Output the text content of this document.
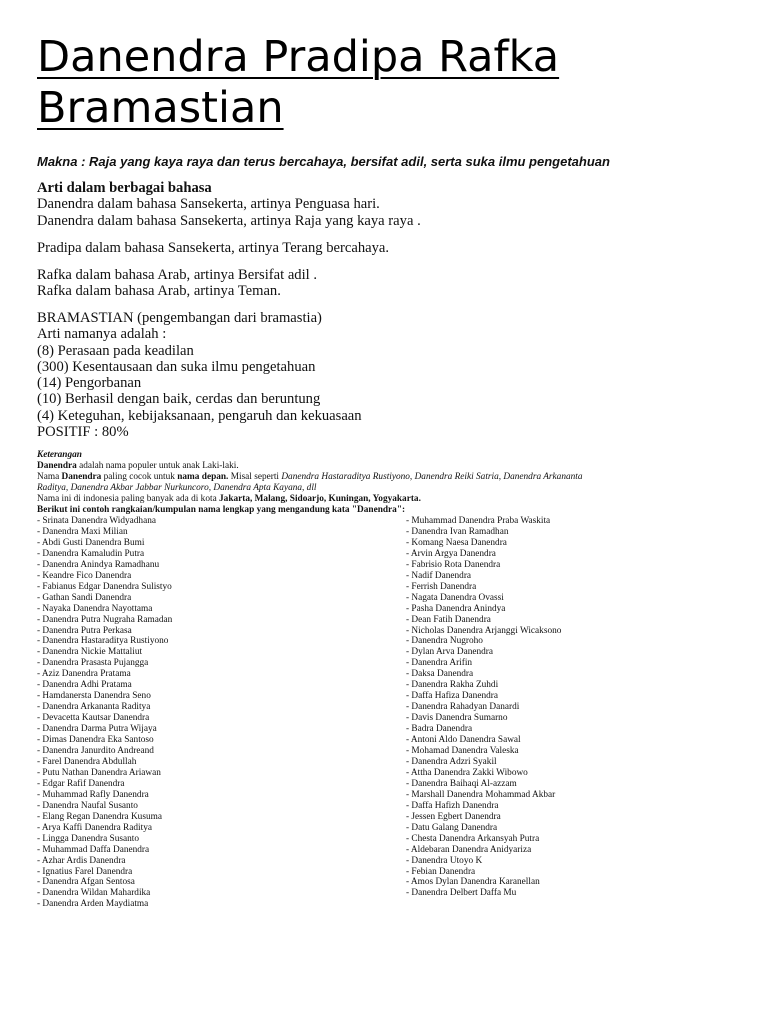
Danendra Pradipa Rafka
Bramastian
Makna : Raja yang kaya raya dan terus bercahaya, bersifat adil, serta suka ilmu pengetahuan
Arti dalam berbagai bahasa
Danendra dalam bahasa Sansekerta, artinya Penguasa hari.
Danendra dalam bahasa Sansekerta, artinya Raja yang kaya raya .
Pradipa dalam bahasa Sansekerta, artinya Terang bercahaya.
Rafka dalam bahasa Arab, artinya Bersifat adil .
Rafka dalam bahasa Arab, artinya Teman.
BRAMASTIAN (pengembangan dari bramastia)
Arti namanya adalah :
(8) Perasaan pada keadilan
(300) Kesentausaan dan suka ilmu pengetahuan
(14) Pengorbanan
(10) Berhasil dengan baik, cerdas dan beruntung
(4) Keteguhan, kebijaksanaan, pengaruh dan kekuasaan
POSITIF : 80%
Keterangan
Danendra adalah nama populer untuk anak Laki-laki.
Nama Danendra paling cocok untuk nama depan. Misal seperti Danendra Hastaraditya Rustiyono, Danendra Reiki Satria, Danendra Arkananta
Raditya, Danendra Akbar Jabbar Nurkuncoro, Danendra Apta Kayana, dll
Nama ini di indonesia paling banyak ada di kota Jakarta, Malang, Sidoarjo, Kuningan, Yogyakarta.
Berikut ini contoh rangkaian/kumpulan nama lengkap yang mengandung kata "Danendra":
- Srinata Danendra Widyadhana
- Danendra Maxi Milian
- Abdi Gusti Danendra Bumi
- Danendra Kamaludin Putra
- Danendra Anindya Ramadhanu
- Keandre Fico Danendra
- Fabianus Edgar Danendra Sulistyo
- Gathan Sandi Danendra
- Nayaka Danendra Nayottama
- Danendra Putra Nugraha Ramadan
- Danendra Putra Perkasa
- Danendra Hastaraditya Rustiyono
- Danendra Nickie Mattaliut
- Danendra Prasasta Pujangga
- Aziz Danendra Pratama
- Danendra Adhi Pratama
- Hamdanersta Danendra Seno
- Danendra Arkananta Raditya
- Devacetta Kautsar Danendra
- Danendra Darma Putra Wijaya
- Dimas Danendra Eka Santoso
- Danendra Janurdito Andreand
- Farel Danendra Abdullah
- Putu Nathan Danendra Ariawan
- Edgar Rafif Danendra
- Muhammad Rafly Danendra
- Danendra Naufal Susanto
- Elang Regan Danendra Kusuma
- Arya Kaffi Danendra Raditya
- Lingga Danendra Susanto
- Muhammad Daffa Danendra
- Azhar Ardis Danendra
- Ignatius Farel Danendra
- Danendra Afgan Sentosa
- Danendra Wildan Mahardika
- Danendra Arden Maydiatma
- Muhammad Danendra Praba Waskita
- Danendra Ivan Ramadhan
- Komang Naesa Danendra
- Arvin Argya Danendra
- Fabrisio Rota Danendra
- Nadif Danendra
- Ferrish Danendra
- Nagata Danendra Ovassi
- Pasha Danendra Anindya
- Dean Fatih Danendra
- Nicholas Danendra Arjanggi Wicaksono
- Danendra Nugroho
- Dylan Arva Danendra
- Danendra Arifin
- Daksa Danendra
- Danendra Rakha Zuhdi
- Daffa Hafiza Danendra
- Danendra Rahadyan Danardi
- Davis Danendra Sumarno
- Badra Danendra
- Antoni Aldo Danendra Sawal
- Mohamad Danendra Valeska
- Danendra Adzri Syakil
- Attha Danendra Zakki Wibowo
- Danendra Baihaqi Al-azzam
- Marshall Danendra Mohammad Akbar
- Daffa Hafizh Danendra
- Jessen Egbert Danendra
- Datu Galang Danendra
- Chesta Danendra Arkansyah Putra
- Aldebaran Danendra Anidyariza
- Danendra Utoyo K
- Febian Danendra
- Amos Dylan Danendra Karanellan
- Danendra Delbert Daffa Mu
